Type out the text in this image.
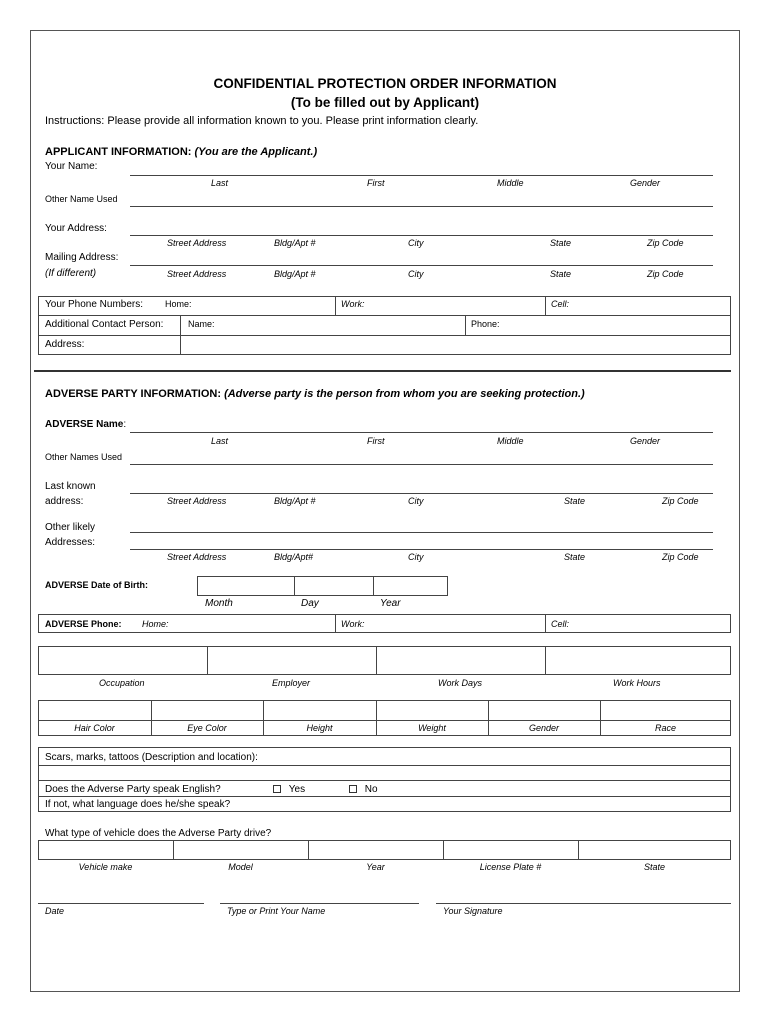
CONFIDENTIAL PROTECTION ORDER INFORMATION
(To be filled out by Applicant)
Instructions: Please provide all information known to you. Please print information clearly.
APPLICANT INFORMATION: (You are the Applicant.)
Your Name:
Last	First	Middle	Gender
Other Name Used
Your Address:
Street Address	Bldg/Apt #	City	State	Zip Code
Mailing Address:
(If different)	Street Address	Bldg/Apt #	City	State	Zip Code
Your Phone Numbers: Home:	Work:	Cell:
Additional Contact Person:	Name:	Phone:
Address:
ADVERSE PARTY INFORMATION: (Adverse party is the person from whom you are seeking protection.)
ADVERSE Name:
Last	First	Middle	Gender
Other Names Used
Last known
address:	Street Address	Bldg/Apt #	City	State	Zip Code
Other likely
Addresses:
Street Address	Bldg/Apt#	City	State	Zip Code
ADVERSE Date of Birth:
Month	Day	Year
ADVERSE Phone: Home:	Work:	Cell:
Occupation	Employer	Work Days	Work Hours
Hair Color	Eye Color	Height	Weight	Gender	Race
Scars, marks, tattoos (Description and location):
Does the Adverse Party speak English?	Yes	No
If not, what language does he/she speak?
What type of vehicle does the Adverse Party drive?
Vehicle make	Model	Year	License Plate #	State
Date	Type or Print Your Name	Your Signature
